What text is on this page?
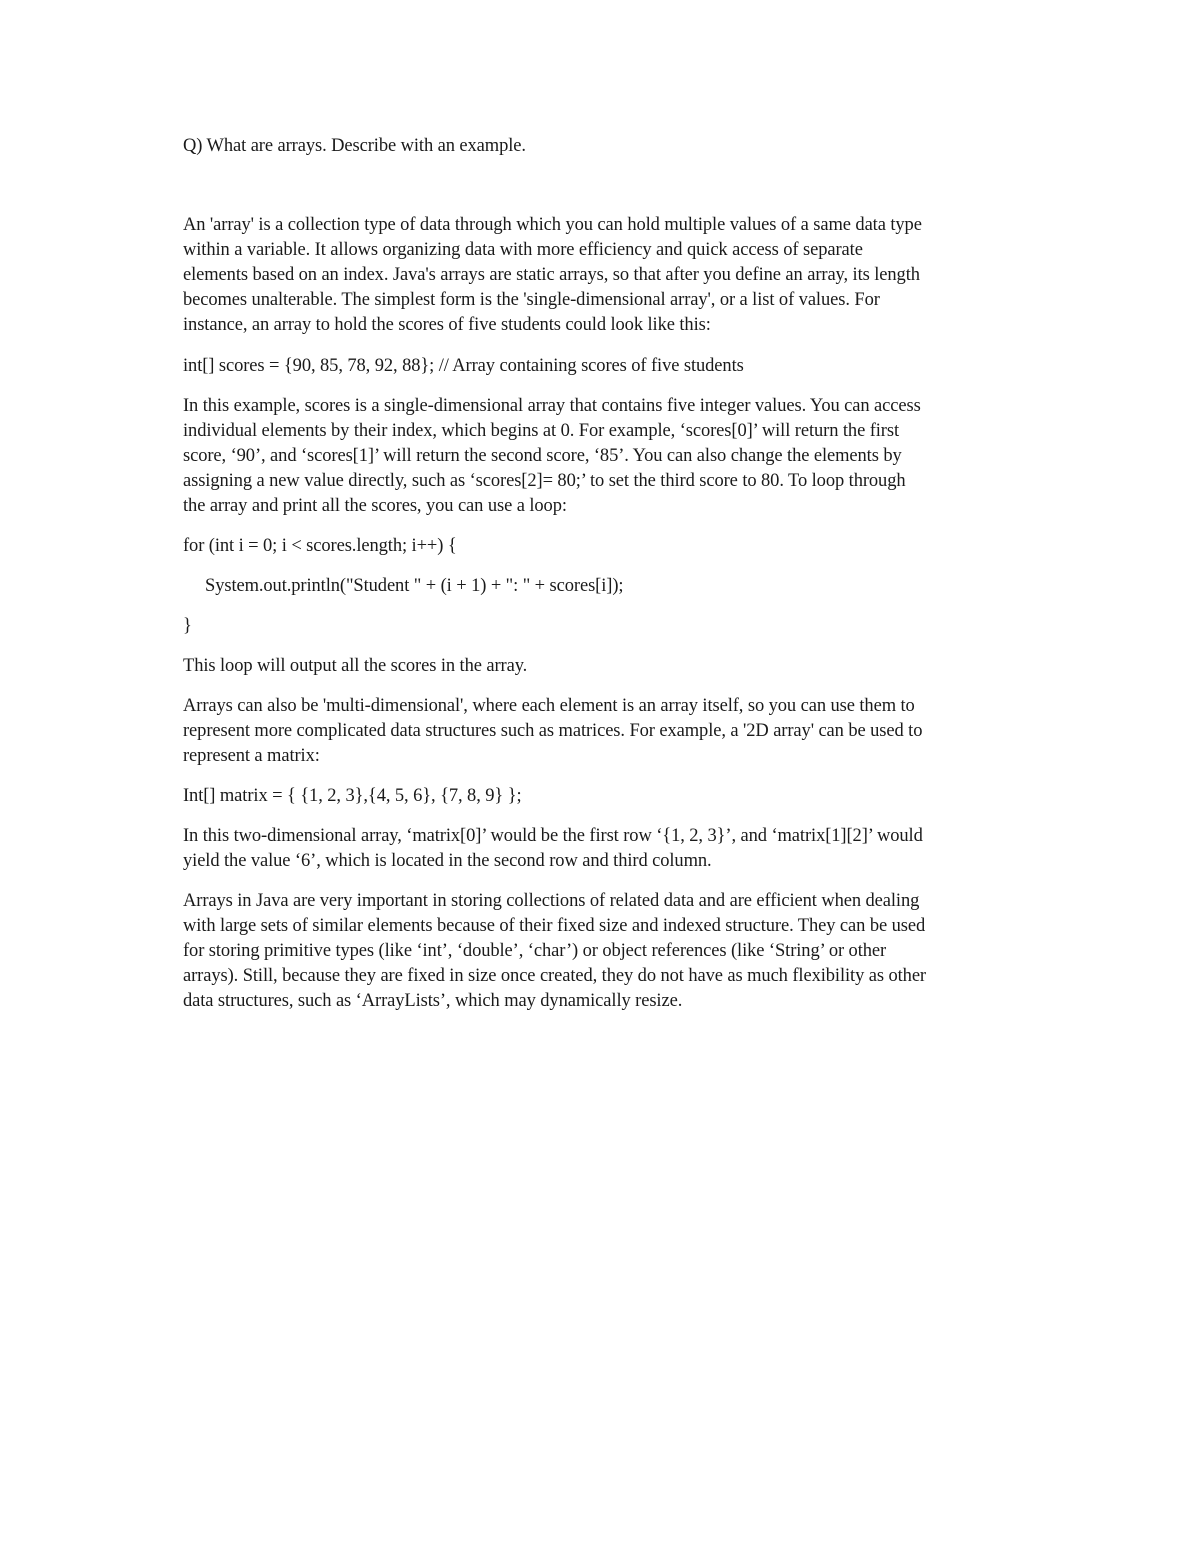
Q) What are arrays. Describe with an example.
An 'array' is a collection type of data through which you can hold multiple values of a same data type
within a variable. It allows organizing data with more efficiency and quick access of separate
elements based on an index. Java's arrays are static arrays, so that after you define an array, its length
becomes unalterable. The simplest form is the 'single-dimensional array', or a list of values. For
instance, an array to hold the scores of five students could look like this:
int[] scores = {90, 85, 78, 92, 88}; // Array containing scores of five students
In this example, scores is a single-dimensional array that contains five integer values. You can access
individual elements by their index, which begins at 0. For example, ‘scores[0]’ will return the first
score, ‘90’, and ‘scores[1]’ will return the second score, ‘85’. You can also change the elements by
assigning a new value directly, such as ‘scores[2]= 80;’ to set the third score to 80. To loop through
the array and print all the scores, you can use a loop:
for (int i = 0; i < scores.length; i++) {
System.out.println("Student " + (i + 1) + ": " + scores[i]);
}
This loop will output all the scores in the array.
Arrays can also be 'multi-dimensional', where each element is an array itself, so you can use them to
represent more complicated data structures such as matrices. For example, a '2D array' can be used to
represent a matrix:
Int[] matrix = { {1, 2, 3},{4, 5, 6}, {7, 8, 9} };
In this two-dimensional array, ‘matrix[0]’ would be the first row ‘{1, 2, 3}’, and ‘matrix[1][2]’ would
yield the value ‘6’, which is located in the second row and third column.
Arrays in Java are very important in storing collections of related data and are efficient when dealing
with large sets of similar elements because of their fixed size and indexed structure. They can be used
for storing primitive types (like ‘int’, ‘double’, ‘char’) or object references (like ‘String’ or other
arrays). Still, because they are fixed in size once created, they do not have as much flexibility as other
data structures, such as ‘ArrayLists’, which may dynamically resize.
